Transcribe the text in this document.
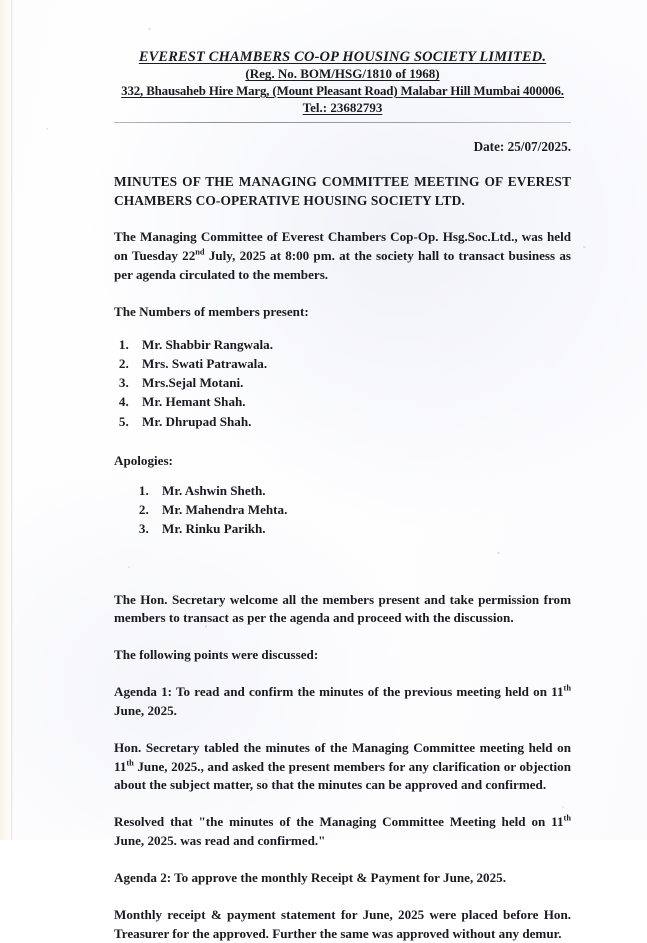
EVEREST CHAMBERS CO-OP HOUSING SOCIETY LIMITED.
(Reg. No. BOM/HSG/1810 of 1968)
332, Bhausaheb Hire Marg, (Mount Pleasant Road) Malabar Hill Mumbai 400006.
Tel.: 23682793
Date: 25/07/2025.
MINUTES OF THE MANAGING COMMITTEE MEETING OF EVEREST
CHAMBERS CO-OPERATIVE HOUSING SOCIETY LTD.

The Managing Committee of Everest Chambers Cop-Op. Hsg.Soc.Ltd., was held on Tuesday 22nd July, 2025 at 8:00 pm. at the society hall to transact business as per agenda circulated to the members.

The Numbers of members present:

1. Mr. Shabbir Rangwala.
2. Mrs. Swati Patrawala.
3. Mrs.Sejal Motani.
4. Mr. Hemant Shah.
5. Mr. Dhrupad Shah.
Apologies:
1. Mr. Ashwin Sheth.
2. Mr. Mahendra Mehta.
3. Mr. Rinku Parikh.

The Hon. Secretary welcome all the members present and take permission from members to transact as per the agenda and proceed with the discussion.

The following points were discussed:

Agenda 1: To read and confirm the minutes of the previous meeting held on 11th June, 2025.

Hon. Secretary tabled the minutes of the Managing Committee meeting held on 11th June, 2025., and asked the present members for any clarification or objection about the subject matter, so that the minutes can be approved and confirmed.

Resolved that "the minutes of the Managing Committee Meeting held on 11th June, 2025. was read and confirmed."

Agenda 2: To approve the monthly Receipt & Payment for June, 2025.

Monthly receipt & payment statement for June, 2025 were placed before Hon. Treasurer for the approved. Further the same was approved without any demur.
